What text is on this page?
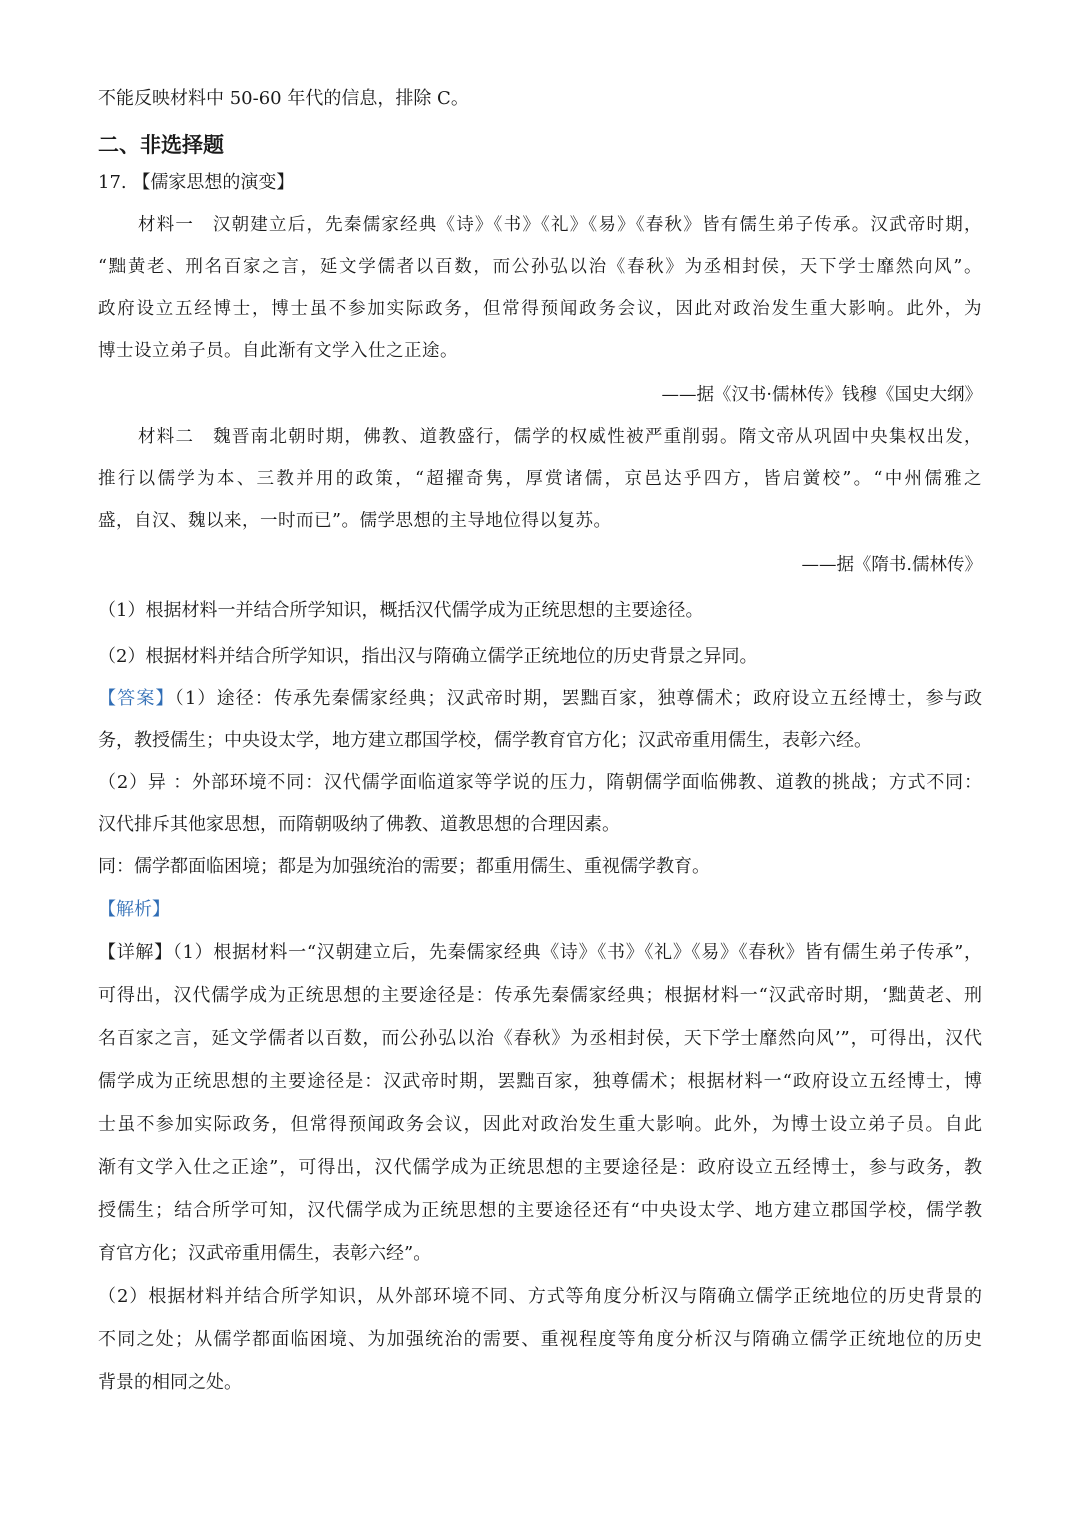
不能反映材料中 50-60 年代的信息，排除 C。

二、非选择题

17. 【儒家思想的演变】

材料一　汉朝建立后，先秦儒家经典《诗》《书》《礼》《易》《春秋》皆有儒生弟子传承。汉武帝时期，

“黜黄老、刑名百家之言，延文学儒者以百数，而公孙弘以治《春秋》为丞相封侯，天下学士靡然向风”。

政府设立五经博士，博士虽不参加实际政务，但常得预闻政务会议，因此对政治发生重大影响。此外，为

博士设立弟子员。自此渐有文学入仕之正途。

——据《汉书·儒林传》钱穆《国史大纲》

材料二　魏晋南北朝时期，佛教、道教盛行，儒学的权威性被严重削弱。隋文帝从巩固中央集权出发，

推行以儒学为本、三教并用的政策，“超擢奇隽，厚赏诸儒，京邑达乎四方，皆启黉校”。“中州儒雅之

盛，自汉、魏以来，一时而已”。儒学思想的主导地位得以复苏。

——据《隋书.儒林传》

（1）根据材料一并结合所学知识，概括汉代儒学成为正统思想的主要途径。

（2）根据材料并结合所学知识，指出汉与隋确立儒学正统地位的历史背景之异同。

【答案】（1）途径：传承先秦儒家经典；汉武帝时期，罢黜百家，独尊儒术；政府设立五经博士，参与政

务，教授儒生；中央设太学，地方建立郡国学校，儒学教育官方化；汉武帝重用儒生，表彰六经。

（2）异 ：外部环境不同：汉代儒学面临道家等学说的压力，隋朝儒学面临佛教、道教的挑战；方式不同：

汉代排斥其他家思想，而隋朝吸纳了佛教、道教思想的合理因素。

同：儒学都面临困境；都是为加强统治的需要；都重用儒生、重视儒学教育。

【解析】

【详解】（1）根据材料一“汉朝建立后，先秦儒家经典《诗》《书》《礼》《易》《春秋》皆有儒生弟子传承”，

可得出，汉代儒学成为正统思想的主要途径是：传承先秦儒家经典；根据材料一“汉武帝时期，‘黜黄老、刑

名百家之言，延文学儒者以百数，而公孙弘以治《春秋》为丞相封侯，天下学士靡然向风’”，可得出，汉代

儒学成为正统思想的主要途径是：汉武帝时期，罢黜百家，独尊儒术；根据材料一“政府设立五经博士，博

士虽不参加实际政务，但常得预闻政务会议，因此对政治发生重大影响。此外，为博士设立弟子员。自此

渐有文学入仕之正途”，可得出，汉代儒学成为正统思想的主要途径是：政府设立五经博士，参与政务，教

授儒生；结合所学可知，汉代儒学成为正统思想的主要途径还有“中央设太学、地方建立郡国学校，儒学教

育官方化；汉武帝重用儒生，表彰六经”。

（2）根据材料并结合所学知识，从外部环境不同、方式等角度分析汉与隋确立儒学正统地位的历史背景的

不同之处；从儒学都面临困境、为加强统治的需要、重视程度等角度分析汉与隋确立儒学正统地位的历史

背景的相同之处。
